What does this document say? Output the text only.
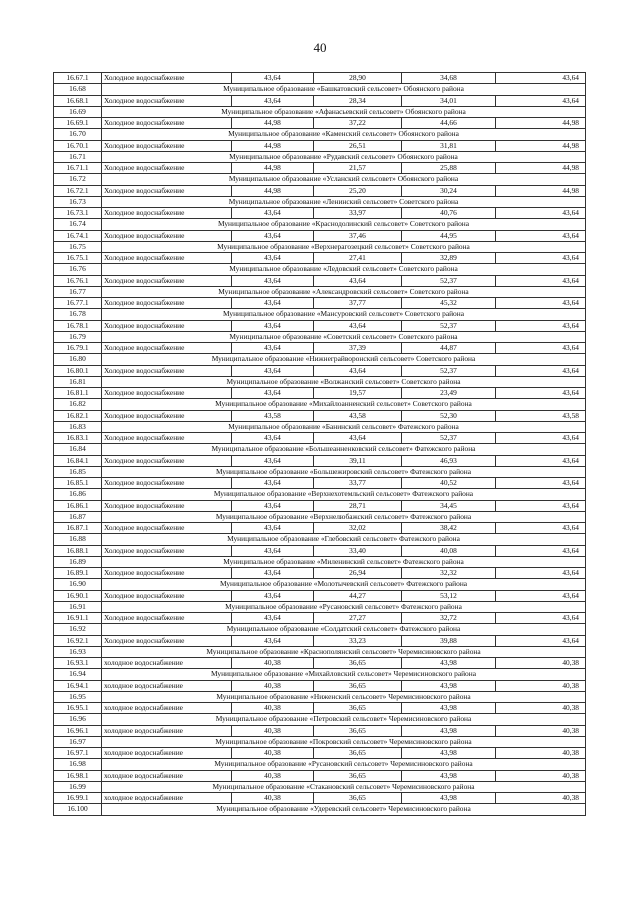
40
16.67.1	Холодное водоснабжение	43,64	28,90	34,68	43,64
16.68	Муниципальное образование «Башкатовский сельсовет» Обоянского района				
16.68.1	Холодное водоснабжение	43,64	28,34	34,01	43,64
16.69	Муниципальное образование «Афанасьевский сельсовет» Обоянского района				
16.69.1	Холодное водоснабжение	44,98	37,22	44,66	44,98
16.70	Муниципальное образование «Каменский сельсовет» Обоянского района				
16.70.1	Холодное водоснабжение	44,98	26,51	31,81	44,98
16.71	Муниципальное образование «Рудавский сельсовет» Обоянского района				
16.71.1	Холодное водоснабжение	44,98	21,57	25,88	44,98
16.72	Муниципальное образование «Усланский сельсовет» Обоянского района				
16.72.1	Холодное водоснабжение	44,98	25,20	30,24	44,98
16.73	Муниципальное образование «Ленинский сельсовет» Советского района				
16.73.1	Холодное водоснабжение	43,64	33,97	40,76	43,64
16.74	Муниципальное образование «Краснодолинский сельсовет» Советского района				
16.74.1	Холодное водоснабжение	43,64	37,46	44,95	43,64
16.75	Муниципальное образование «Верхнерагозецкий сельсовет» Советского района				
16.75.1	Холодное водоснабжение	43,64	27,41	32,89	43,64
16.76	Муниципальное образование «Ледовский сельсовет» Советского района				
16.76.1	Холодное водоснабжение	43,64	43,64	52,37	43,64
16.77	Муниципальное образование «Александровский сельсовет» Советского района				
16.77.1	Холодное водоснабжение	43,64	37,77	45,32	43,64
16.78	Муниципальное образование «Мансуровский сельсовет» Советского района				
16.78.1	Холодное водоснабжение	43,64	43,64	52,37	43,64
16.79	Муниципальное образование «Советский сельсовет» Советского района				
16.79.1	Холодное водоснабжение	43,64	37,39	44,87	43,64
16.80	Муниципальное образование «Нижнеграйворонский сельсовет» Советского района				
16.80.1	Холодное водоснабжение	43,64	43,64	52,37	43,64
16.81	Муниципальное образование «Волжанский сельсовет» Советского района				
16.81.1	Холодное водоснабжение	43,64	19,57	23,49	43,64
16.82	Муниципальное образование «Михайлоанненский сельсовет» Советского района				
16.82.1	Холодное водоснабжение	43,58	43,58	52,30	43,58
16.83	Муниципальное образование «Банинский сельсовет» Фатежского района				
16.83.1	Холодное водоснабжение	43,64	43,64	52,37	43,64
16.84	Муниципальное образование «Большеанненковский сельсовет» Фатежского района				
16.84.1	Холодное водоснабжение	43,64	39,11	46,93	43,64
16.85	Муниципальное образование «Большежировский сельсовет» Фатежского района				
16.85.1	Холодное водоснабжение	43,64	33,77	40,52	43,64
16.86	Муниципальное образование «Верхнехотемльский сельсовет» Фатежского района				
16.86.1	Холодное водоснабжение	43,64	28,71	34,45	43,64
16.87	Муниципальное образование «Верхнелюбажский сельсовет» Фатежского района				
16.87.1	Холодное водоснабжение	43,64	32,02	38,42	43,64
16.88	Муниципальное образование «Глебовский сельсовет» Фатежского района				
16.88.1	Холодное водоснабжение	43,64	33,40	40,08	43,64
16.89	Муниципальное образование «Миленинский сельсовет» Фатежского района				
16.89.1	Холодное водоснабжение	43,64	26,94	32,32	43,64
16.90	Муниципальное образование «Молотычевский сельсовет» Фатежского района				
16.90.1	Холодное водоснабжение	43,64	44,27	53,12	43,64
16.91	Муниципальное образование «Русановский сельсовет» Фатежского района				
16.91.1	Холодное водоснабжение	43,64	27,27	32,72	43,64
16.92	Муниципальное образование «Солдатский сельсовет» Фатежского района				
16.92.1	Холодное водоснабжение	43,64	33,23	39,88	43,64
16.93	Муниципальное образование «Краснополянский сельсовет» Черемисиновского района				
16.93.1	холодное водоснабжение	40,38	36,65	43,98	40,38
16.94	Муниципальное образование «Михайловский сельсовет» Черемисиновского района				
16.94.1	холодное водоснабжение	40,38	36,65	43,98	40,38
16.95	Муниципальное образование «Ниженский сельсовет» Черемисиновского района				
16.95.1	холодное водоснабжение	40,38	36,65	43,98	40,38
16.96	Муниципальное образование «Петровский сельсовет» Черемисиновского района				
16.96.1	холодное водоснабжение	40,38	36,65	43,98	40,38
16.97	Муниципальное образование «Покровский сельсовет» Черемисиновского района				
16.97.1	холодное водоснабжение	40,38	36,65	43,98	40,38
16.98	Муниципальное образование «Русановский сельсовет» Черемисиновского района				
16.98.1	холодное водоснабжение	40,38	36,65	43,98	40,38
16.99	Муниципальное образование «Стакановский сельсовет» Черемисиновского района				
16.99.1	холодное водоснабжение	40,38	36,65	43,98	40,38
16.100	Муниципальное образование «Удеревский сельсовет» Черемисиновского района				
